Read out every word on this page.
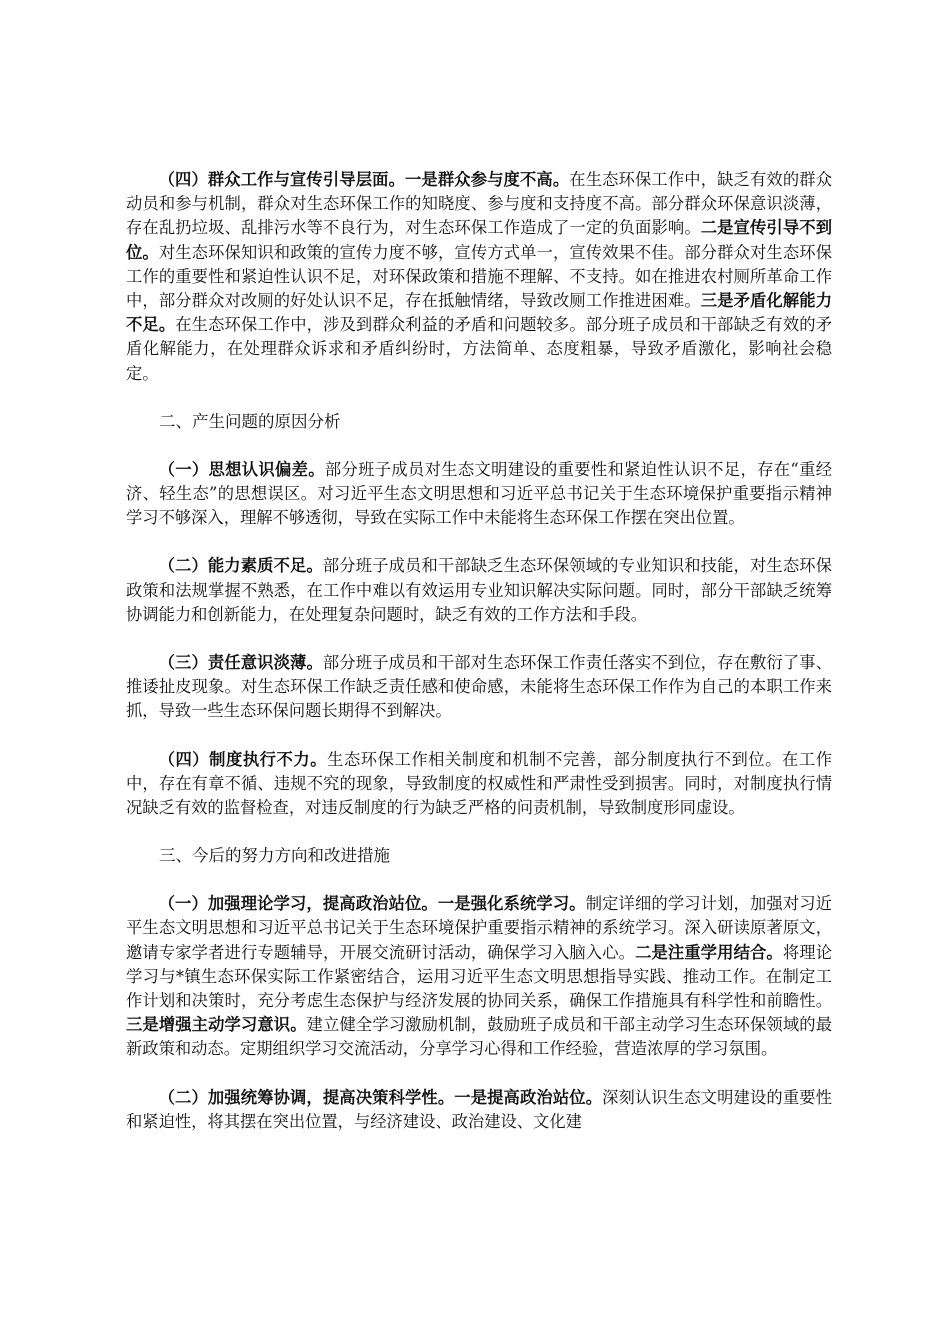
（四）群众工作与宣传引导层面。一是群众参与度不高。在生态环保工作中，缺乏有效的群众动员和参与机制，群众对生态环保工作的知晓度、参与度和支持度不高。部分群众环保意识淡薄，存在乱扔垃圾、乱排污水等不良行为，对生态环保工作造成了一定的负面影响。二是宣传引导不到位。对生态环保知识和政策的宣传力度不够，宣传方式单一，宣传效果不佳。部分群众对生态环保工作的重要性和紧迫性认识不足，对环保政策和措施不理解、不支持。如在推进农村厕所革命工作中，部分群众对改厕的好处认识不足，存在抵触情绪，导致改厕工作推进困难。三是矛盾化解能力不足。在生态环保工作中，涉及到群众利益的矛盾和问题较多。部分班子成员和干部缺乏有效的矛盾化解能力，在处理群众诉求和矛盾纠纷时，方法简单、态度粗暴，导致矛盾激化，影响社会稳定。

二、产生问题的原因分析

（一）思想认识偏差。部分班子成员对生态文明建设的重要性和紧迫性认识不足，存在“重经济、轻生态”的思想误区。对习近平生态文明思想和习近平总书记关于生态环境保护重要指示精神学习不够深入，理解不够透彻，导致在实际工作中未能将生态环保工作摆在突出位置。

（二）能力素质不足。部分班子成员和干部缺乏生态环保领域的专业知识和技能，对生态环保政策和法规掌握不熟悉，在工作中难以有效运用专业知识解决实际问题。同时，部分干部缺乏统筹协调能力和创新能力，在处理复杂问题时，缺乏有效的工作方法和手段。

（三）责任意识淡薄。部分班子成员和干部对生态环保工作责任落实不到位，存在敷衍了事、推诿扯皮现象。对生态环保工作缺乏责任感和使命感，未能将生态环保工作作为自己的本职工作来抓，导致一些生态环保问题长期得不到解决。

（四）制度执行不力。生态环保工作相关制度和机制不完善，部分制度执行不到位。在工作中，存在有章不循、违规不究的现象，导致制度的权威性和严肃性受到损害。同时，对制度执行情况缺乏有效的监督检查，对违反制度的行为缺乏严格的问责机制，导致制度形同虚设。

三、今后的努力方向和改进措施

（一）加强理论学习，提高政治站位。一是强化系统学习。制定详细的学习计划，加强对习近平生态文明思想和习近平总书记关于生态环境保护重要指示精神的系统学习。深入研读原著原文，邀请专家学者进行专题辅导，开展交流研讨活动，确保学习入脑入心。二是注重学用结合。将理论学习与*镇生态环保实际工作紧密结合，运用习近平生态文明思想指导实践、推动工作。在制定工作计划和决策时，充分考虑生态保护与经济发展的协同关系，确保工作措施具有科学性和前瞻性。三是增强主动学习意识。建立健全学习激励机制，鼓励班子成员和干部主动学习生态环保领域的最新政策和动态。定期组织学习交流活动，分享学习心得和工作经验，营造浓厚的学习氛围。

（二）加强统筹协调，提高决策科学性。一是提高政治站位。深刻认识生态文明建设的重要性和紧迫性，将其摆在突出位置，与经济建设、政治建设、文化建
